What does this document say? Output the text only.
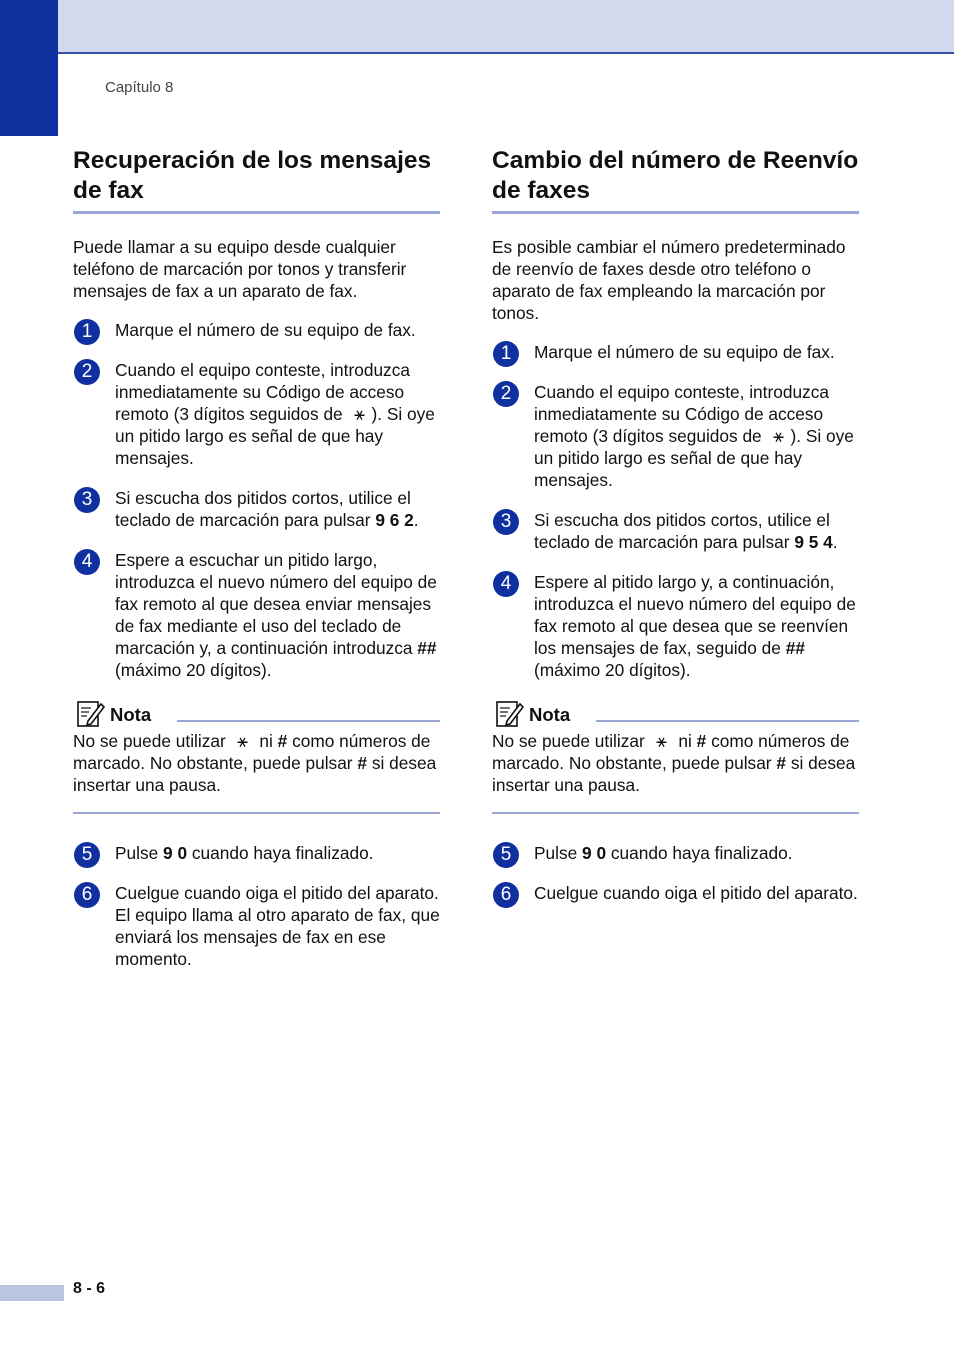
Capítulo 8
Recuperación de los mensajes de fax

Puede llamar a su equipo desde cualquier teléfono de marcación por tonos y transferir mensajes de fax a un aparato de fax.

1	Marque el número de su equipo de fax.
2	Cuando el equipo conteste, introduzca inmediatamente su Código de acceso remoto (3 dígitos seguidos de ⚹ ). Si oye un pitido largo es señal de que hay mensajes.
3	Si escucha dos pitidos cortos, utilice el teclado de marcación para pulsar 9 6 2.
4	Espere a escuchar un pitido largo, introduzca el nuevo número del equipo de fax remoto al que desea enviar mensajes de fax mediante el uso del teclado de marcación y, a continuación introduzca ## (máximo 20 dígitos).
Nota
No se puede utilizar ⚹ ni # como números de marcado. No obstante, puede pulsar # si desea insertar una pausa.
5	Pulse 9 0 cuando haya finalizado.
6	Cuelgue cuando oiga el pitido del aparato. El equipo llama al otro aparato de fax, que enviará los mensajes de fax en ese momento.
Cambio del número de Reenvío de faxes

Es posible cambiar el número predeterminado de reenvío de faxes desde otro teléfono o aparato de fax empleando la marcación por tonos.

1	Marque el número de su equipo de fax.
2	Cuando el equipo conteste, introduzca inmediatamente su Código de acceso remoto (3 dígitos seguidos de ⚹ ). Si oye un pitido largo es señal de que hay mensajes.
3	Si escucha dos pitidos cortos, utilice el teclado de marcación para pulsar 9 5 4.
4	Espere al pitido largo y, a continuación, introduzca el nuevo número del equipo de fax remoto al que desea que se reenvíen los mensajes de fax, seguido de ## (máximo 20 dígitos).
Nota
No se puede utilizar ⚹ ni # como números de marcado. No obstante, puede pulsar # si desea insertar una pausa.
5	Pulse 9 0 cuando haya finalizado.
6	Cuelgue cuando oiga el pitido del aparato.
8 - 6
